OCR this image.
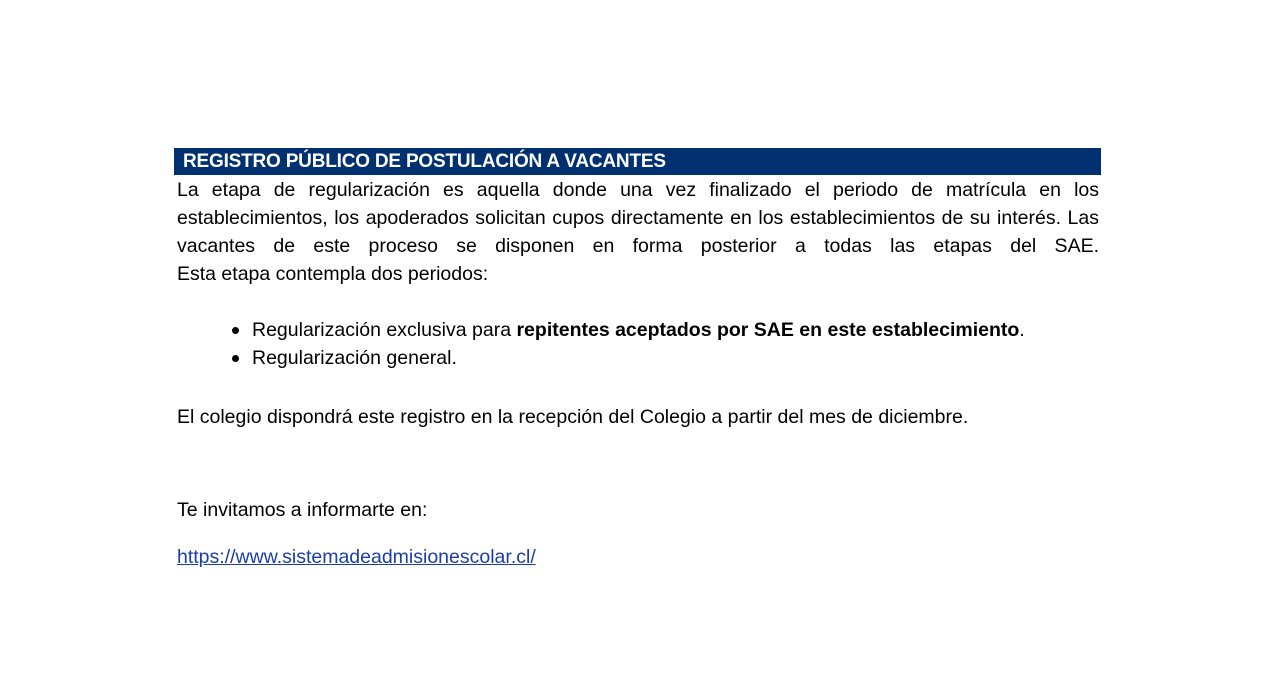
REGISTRO PÚBLICO DE POSTULACIÓN A VACANTES
La etapa de regularización es aquella donde una vez finalizado el periodo de matrícula en los establecimientos, los apoderados solicitan cupos directamente en los establecimientos de su interés. Las vacantes de este proceso se disponen en forma posterior a todas las etapas del SAE.
Esta etapa contempla dos periodos:
Regularización exclusiva para repitentes aceptados por SAE en este establecimiento.
Regularización general.

El colegio dispondrá este registro en la recepción del Colegio a partir del mes de diciembre.

Te invitamos a informarte en:

https://www.sistemadeadmisionescolar.cl/
